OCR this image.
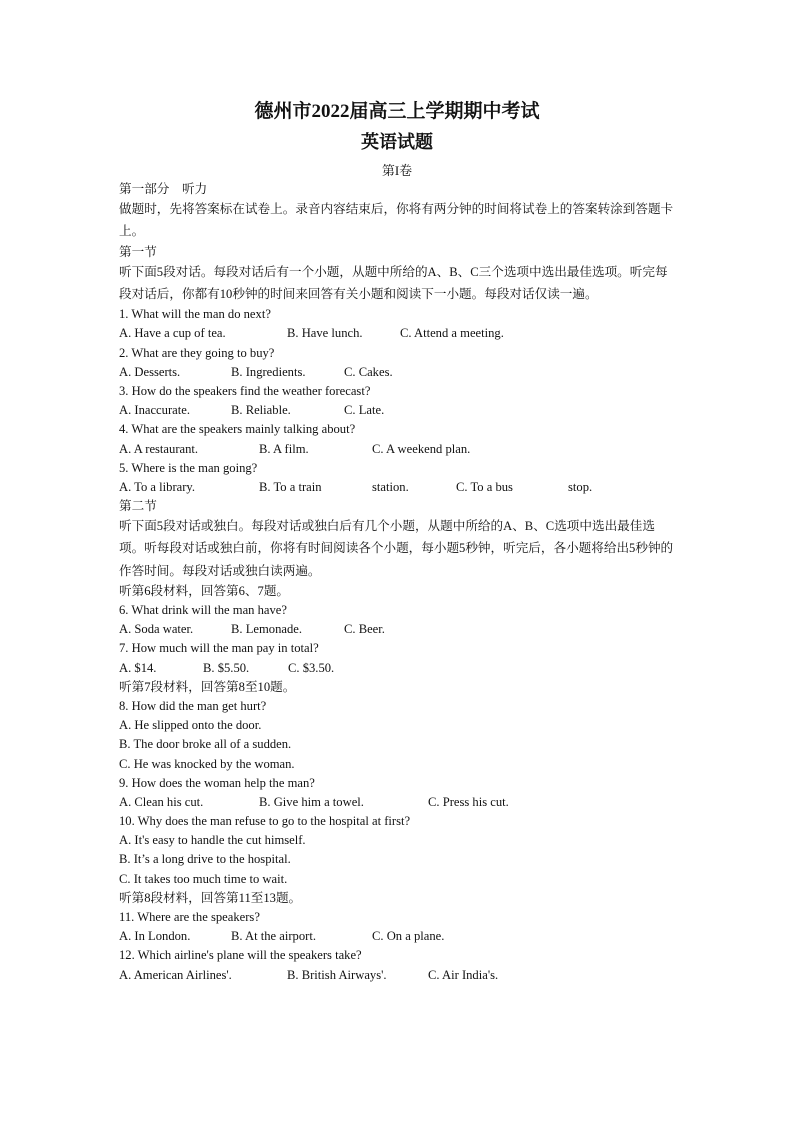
德州市2022届高三上学期期中考试
英语试题
第I卷
第一部分　听力
做题时，先将答案标在试卷上。录音内容结束后，你将有两分钟的时间将试卷上的答案转涂到答题卡上。
第一节
听下面5段对话。每段对话后有一个小题，从题中所给的A、B、C三个选项中选出最佳选项。听完每段对话后，你都有10秒钟的时间来回答有关小题和阅读下一小题。每段对话仅读一遍。
1. What will the man do next?
A. Have a cup of tea.	B. Have lunch.	C. Attend a meeting.
2. What are they going to buy?
A. Desserts.	B. Ingredients.	C. Cakes.
3. How do the speakers find the weather forecast?
A. Inaccurate.	B. Reliable.	C. Late.
4. What are the speakers mainly talking about?
A. A restaurant.	B. A film.	C. A weekend plan.
5. Where is the man going?
A. To a library.	B. To a train	station.	C. To a bus	stop.
第二节
听下面5段对话或独白。每段对话或独白后有几个小题，从题中所给的A、B、C选项中选出最佳选项。听每段对话或独白前，你将有时间阅读各个小题，每小题5秒钟，听完后，各小题将给出5秒钟的作答时间。每段对话或独白读两遍。
听第6段材料，回答第6、7题。
6. What drink will the man have?
A. Soda water.	B. Lemonade.	C. Beer.
7. How much will the man pay in total?
A. $14.	B. $5.50.	C. $3.50.
听第7段材料，回答第8至10题。
8. How did the man get hurt?
A. He slipped onto the door.
B. The door broke all of a sudden.
C. He was knocked by the woman.
9. How does the woman help the man?
A. Clean his cut.	B. Give him a towel.	C. Press his cut.
10. Why does the man refuse to go to the hospital at first?
A. It's easy to handle the cut himself.
B. It’s a long drive to the hospital.
C. It takes too much time to wait.
听第8段材料，回答第11至13题。
11. Where are the speakers?
A. In London.	B. At the airport.	C. On a plane.
12. Which airline's plane will the speakers take?
A. American Airlines'.	B. British Airways'.	C. Air India's.
